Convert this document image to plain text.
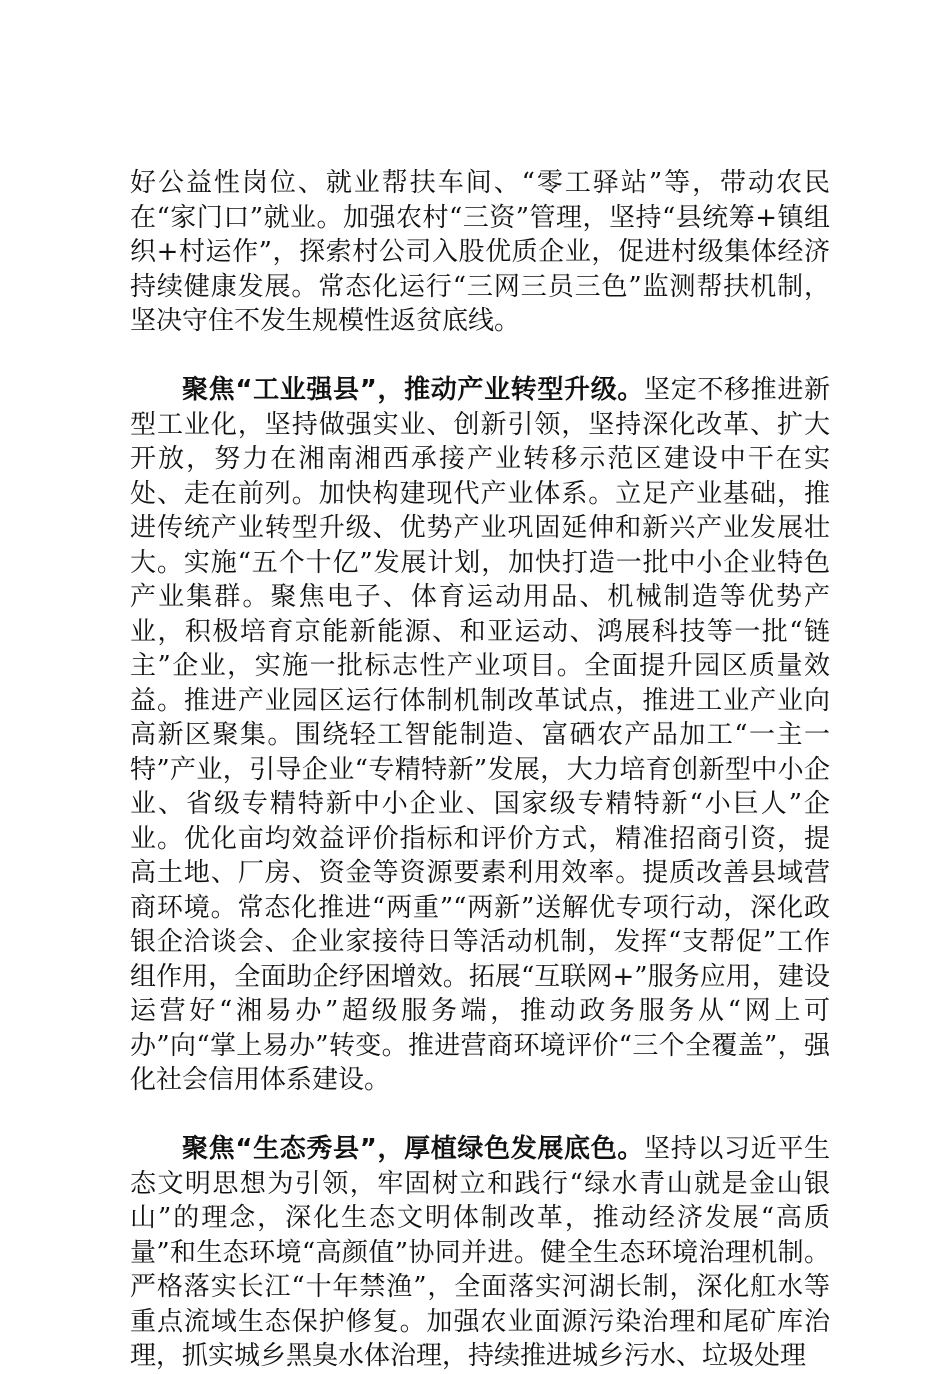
好公益性岗位、就业帮扶车间、“零工驿站”等，带动农民在“家门口”就业。加强农村“三资”管理，坚持“县统筹+镇组织+村运作”，探索村公司入股优质企业，促进村级集体经济持续健康发展。常态化运行“三网三员三色”监测帮扶机制，坚决守住不发生规模性返贫底线。

聚焦“工业强县”，推动产业转型升级。坚定不移推进新型工业化，坚持做强实业、创新引领，坚持深化改革、扩大开放，努力在湘南湘西承接产业转移示范区建设中干在实处、走在前列。加快构建现代产业体系。立足产业基础，推进传统产业转型升级、优势产业巩固延伸和新兴产业发展壮大。实施“五个十亿”发展计划，加快打造一批中小企业特色产业集群。聚焦电子、体育运动用品、机械制造等优势产业，积极培育京能新能源、和亚运动、鸿展科技等一批“链主”企业，实施一批标志性产业项目。全面提升园区质量效益。推进产业园区运行体制机制改革试点，推进工业产业向高新区聚集。围绕轻工智能制造、富硒农产品加工“一主一特”产业，引导企业“专精特新”发展，大力培育创新型中小企业、省级专精特新中小企业、国家级专精特新“小巨人”企业。优化亩均效益评价指标和评价方式，精准招商引资，提高土地、厂房、资金等资源要素利用效率。提质改善县域营商环境。常态化推进“两重”“两新”送解优专项行动，深化政银企洽谈会、企业家接待日等活动机制，发挥“支帮促”工作组作用，全面助企纾困增效。拓展“互联网+”服务应用，建设运营好“湘易办”超级服务端，推动政务服务从“网上可办”向“掌上易办”转变。推进营商环境评价“三个全覆盖”，强化社会信用体系建设。

聚焦“生态秀县”，厚植绿色发展底色。坚持以习近平生态文明思想为引领，牢固树立和践行“绿水青山就是金山银山”的理念，深化生态文明体制改革，推动经济发展“高质量”和生态环境“高颜值”协同并进。健全生态环境治理机制。严格落实长江“十年禁渔”，全面落实河湖长制，深化舡水等重点流域生态保护修复。加强农业面源污染治理和尾矿库治理，抓实城乡黑臭水体治理，持续推进城乡污水、垃圾处理
